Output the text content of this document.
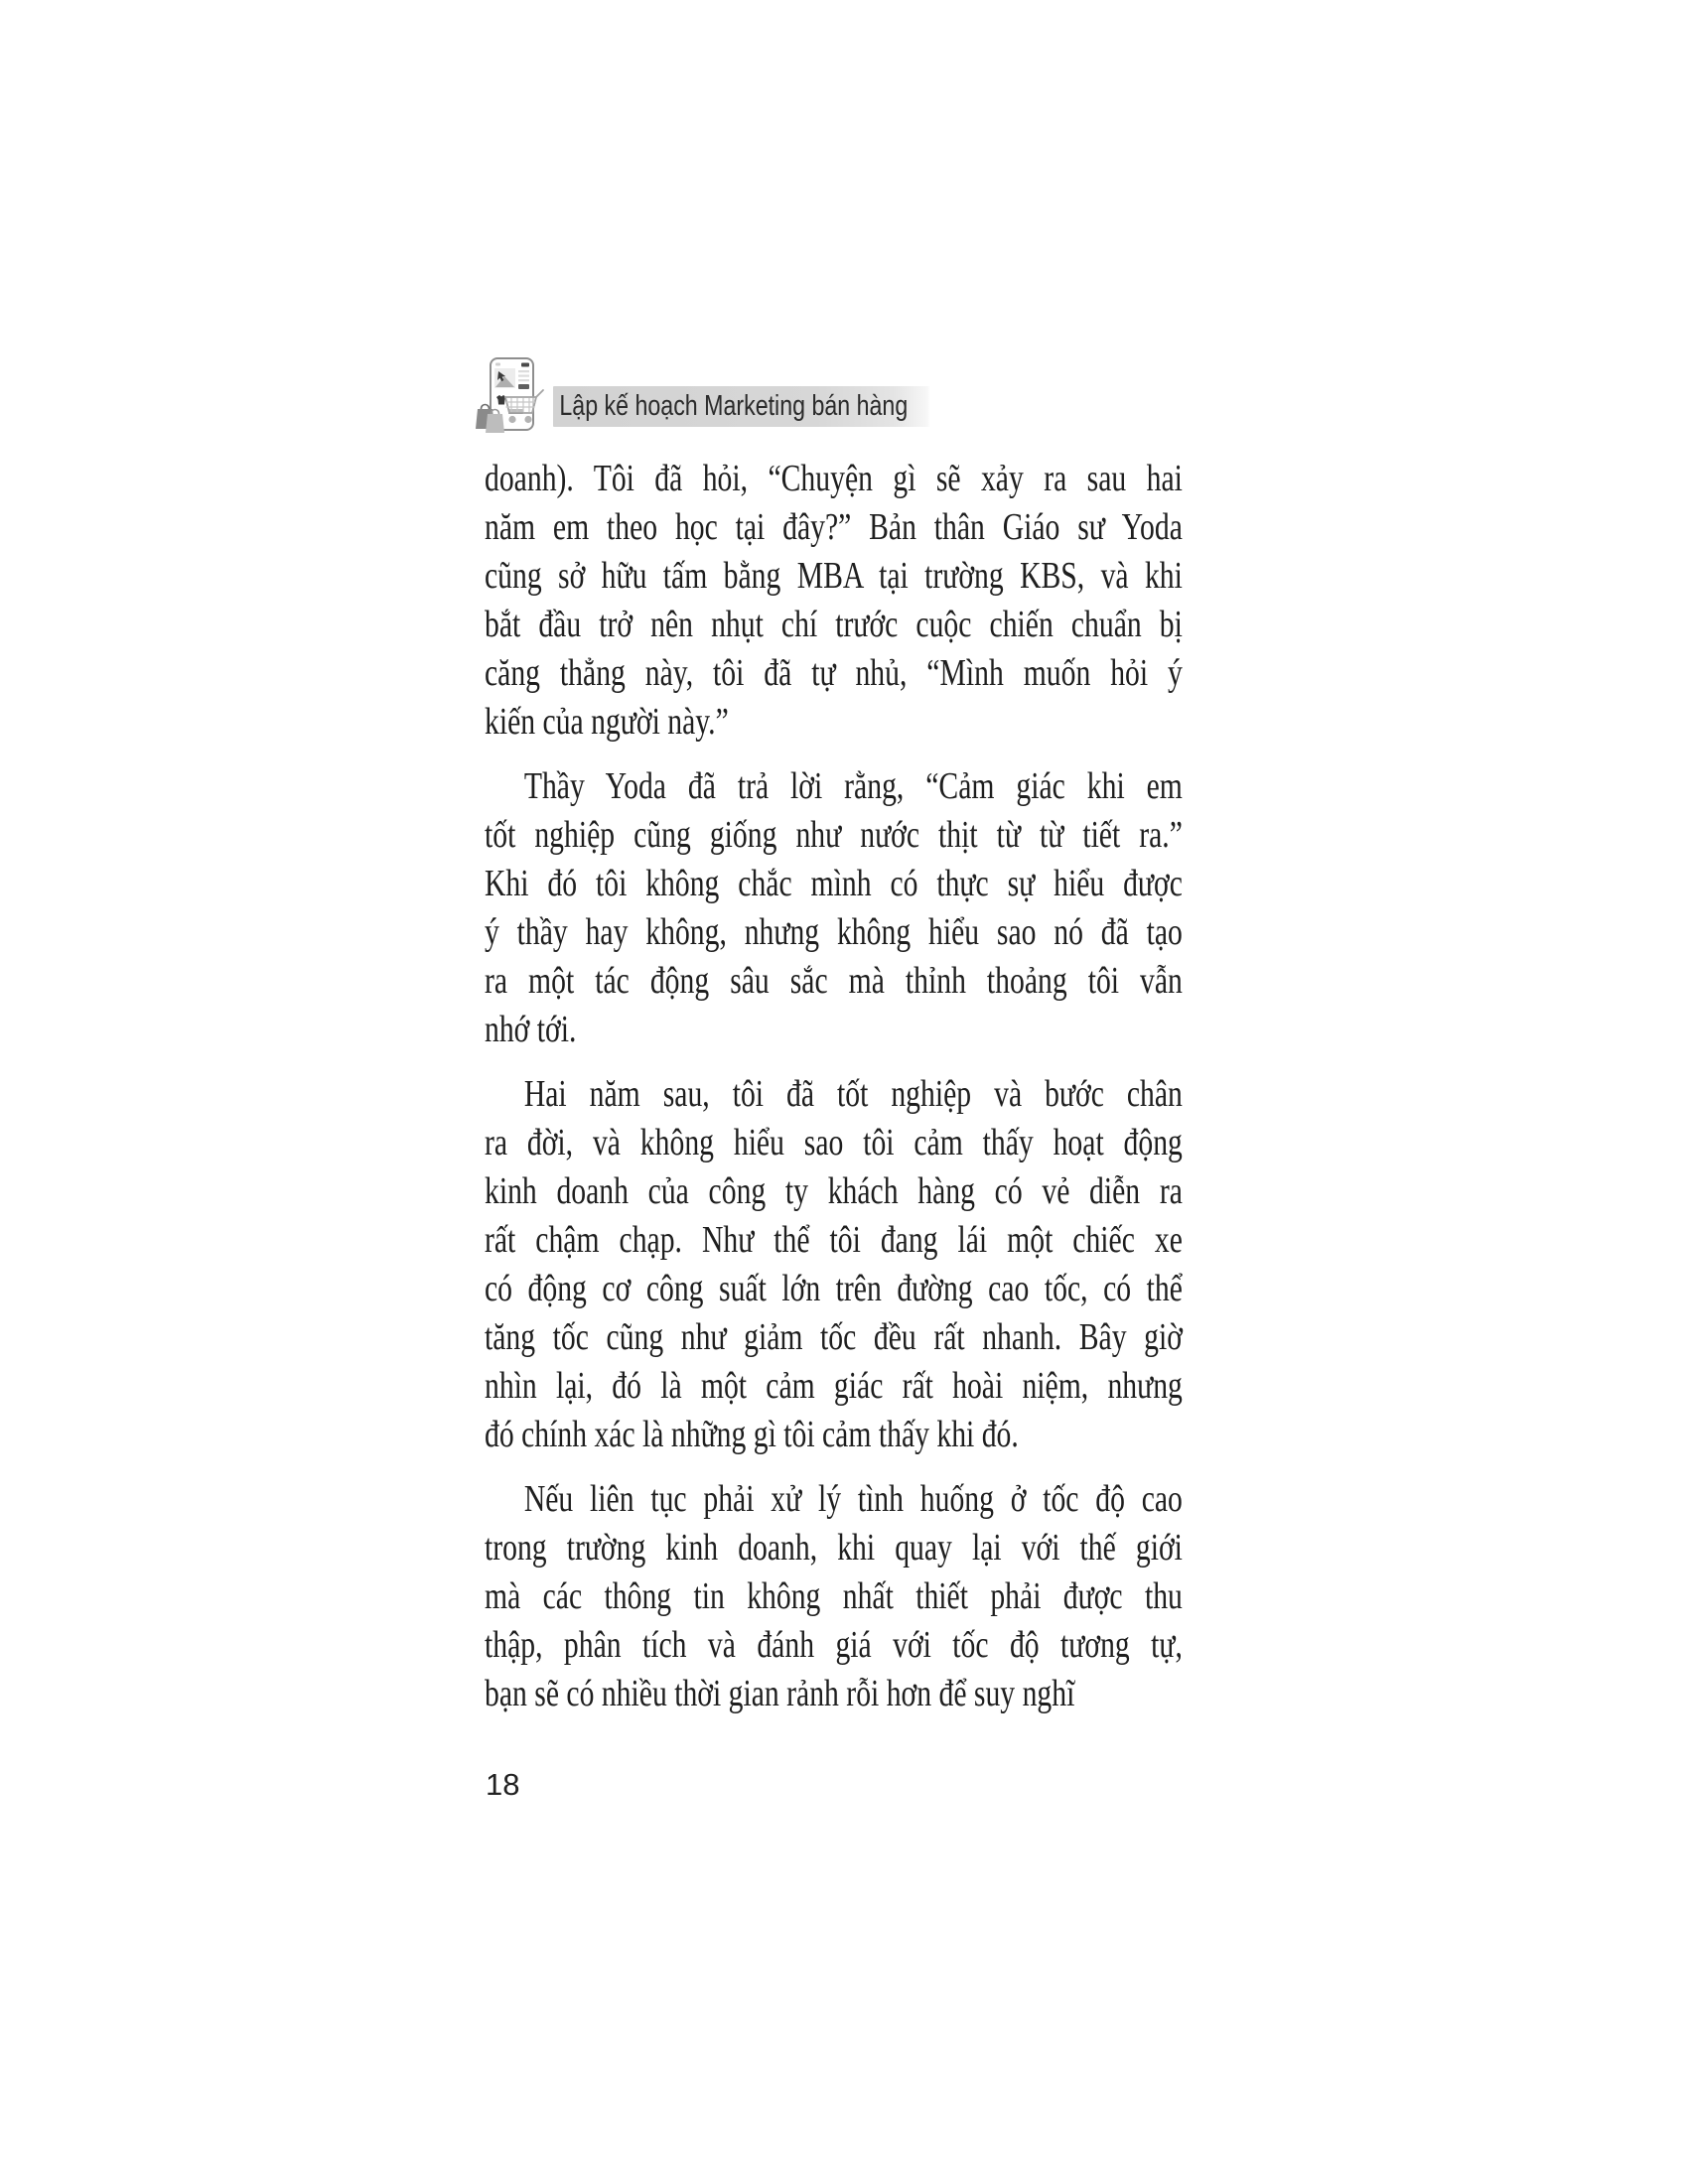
Lập kế hoạch Marketing bán hàng
doanh). Tôi đã hỏi, “Chuyện gì sẽ xảy ra sau hai
năm em theo học tại đây?” Bản thân Giáo sư Yoda
cũng sở hữu tấm bằng MBA tại trường KBS, và khi
bắt đầu trở nên nhụt chí trước cuộc chiến chuẩn bị
căng thẳng này, tôi đã tự nhủ, “Mình muốn hỏi ý
kiến của người này.”
Thầy Yoda đã trả lời rằng, “Cảm giác khi em
tốt nghiệp cũng giống như nước thịt từ từ tiết ra.”
Khi đó tôi không chắc mình có thực sự hiểu được
ý thầy hay không, nhưng không hiểu sao nó đã tạo
ra một tác động sâu sắc mà thỉnh thoảng tôi vẫn
nhớ tới.
Hai năm sau, tôi đã tốt nghiệp và bước chân
ra đời, và không hiểu sao tôi cảm thấy hoạt động
kinh doanh của công ty khách hàng có vẻ diễn ra
rất chậm chạp. Như thể tôi đang lái một chiếc xe
có động cơ công suất lớn trên đường cao tốc, có thể
tăng tốc cũng như giảm tốc đều rất nhanh. Bây giờ
nhìn lại, đó là một cảm giác rất hoài niệm, nhưng
đó chính xác là những gì tôi cảm thấy khi đó.
Nếu liên tục phải xử lý tình huống ở tốc độ cao
trong trường kinh doanh, khi quay lại với thế giới
mà các thông tin không nhất thiết phải được thu
thập, phân tích và đánh giá với tốc độ tương tự,
bạn sẽ có nhiều thời gian rảnh rỗi hơn để suy nghĩ
18
